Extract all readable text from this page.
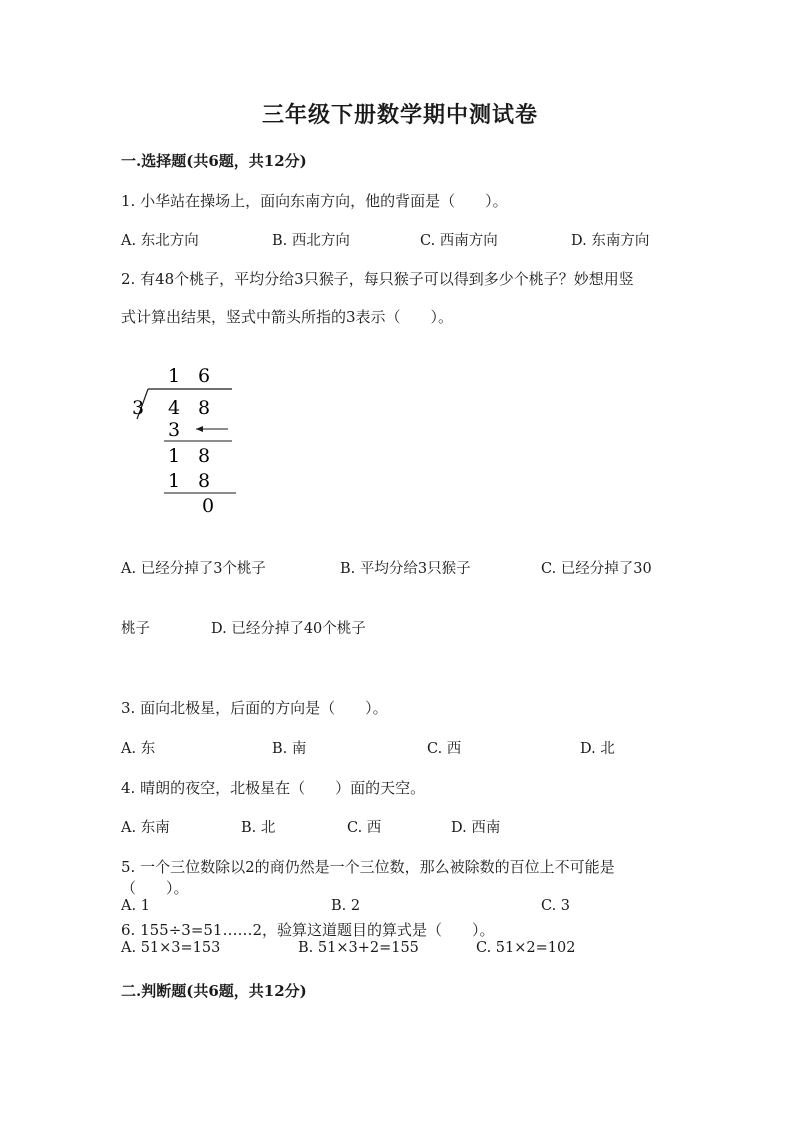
三年级下册数学期中测试卷
一.选择题(共6题，共12分)
1. 小华站在操场上，面向东南方向，他的背面是（　　）。
A. 东北方向	B. 西北方向	C. 西南方向	D. 东南方向
2. 有48个桃子，平均分给3只猴子，每只猴子可以得到多少个桃子？妙想用竖
式计算出结果，竖式中箭头所指的3表示（　　）。
1 6
3 4 8
3
1 8
1 8
0
A. 已经分掉了3个桃子	B. 平均分给3只猴子	C. 已经分掉了30
桃子	D. 已经分掉了40个桃子
3. 面向北极星，后面的方向是（　　）。
A. 东	B. 南	C. 西	D. 北
4. 晴朗的夜空，北极星在（　　）面的天空。
A. 东南	B. 北	C. 西	D. 西南
5. 一个三位数除以2的商仍然是一个三位数，那么被除数的百位上不可能是
（　　）。
A. 1	B. 2	C. 3
6. 155÷3=51……2，验算这道题目的算式是（　　）。
A. 51×3=153	B. 51×3+2=155	C. 51×2=102
二.判断题(共6题，共12分)
